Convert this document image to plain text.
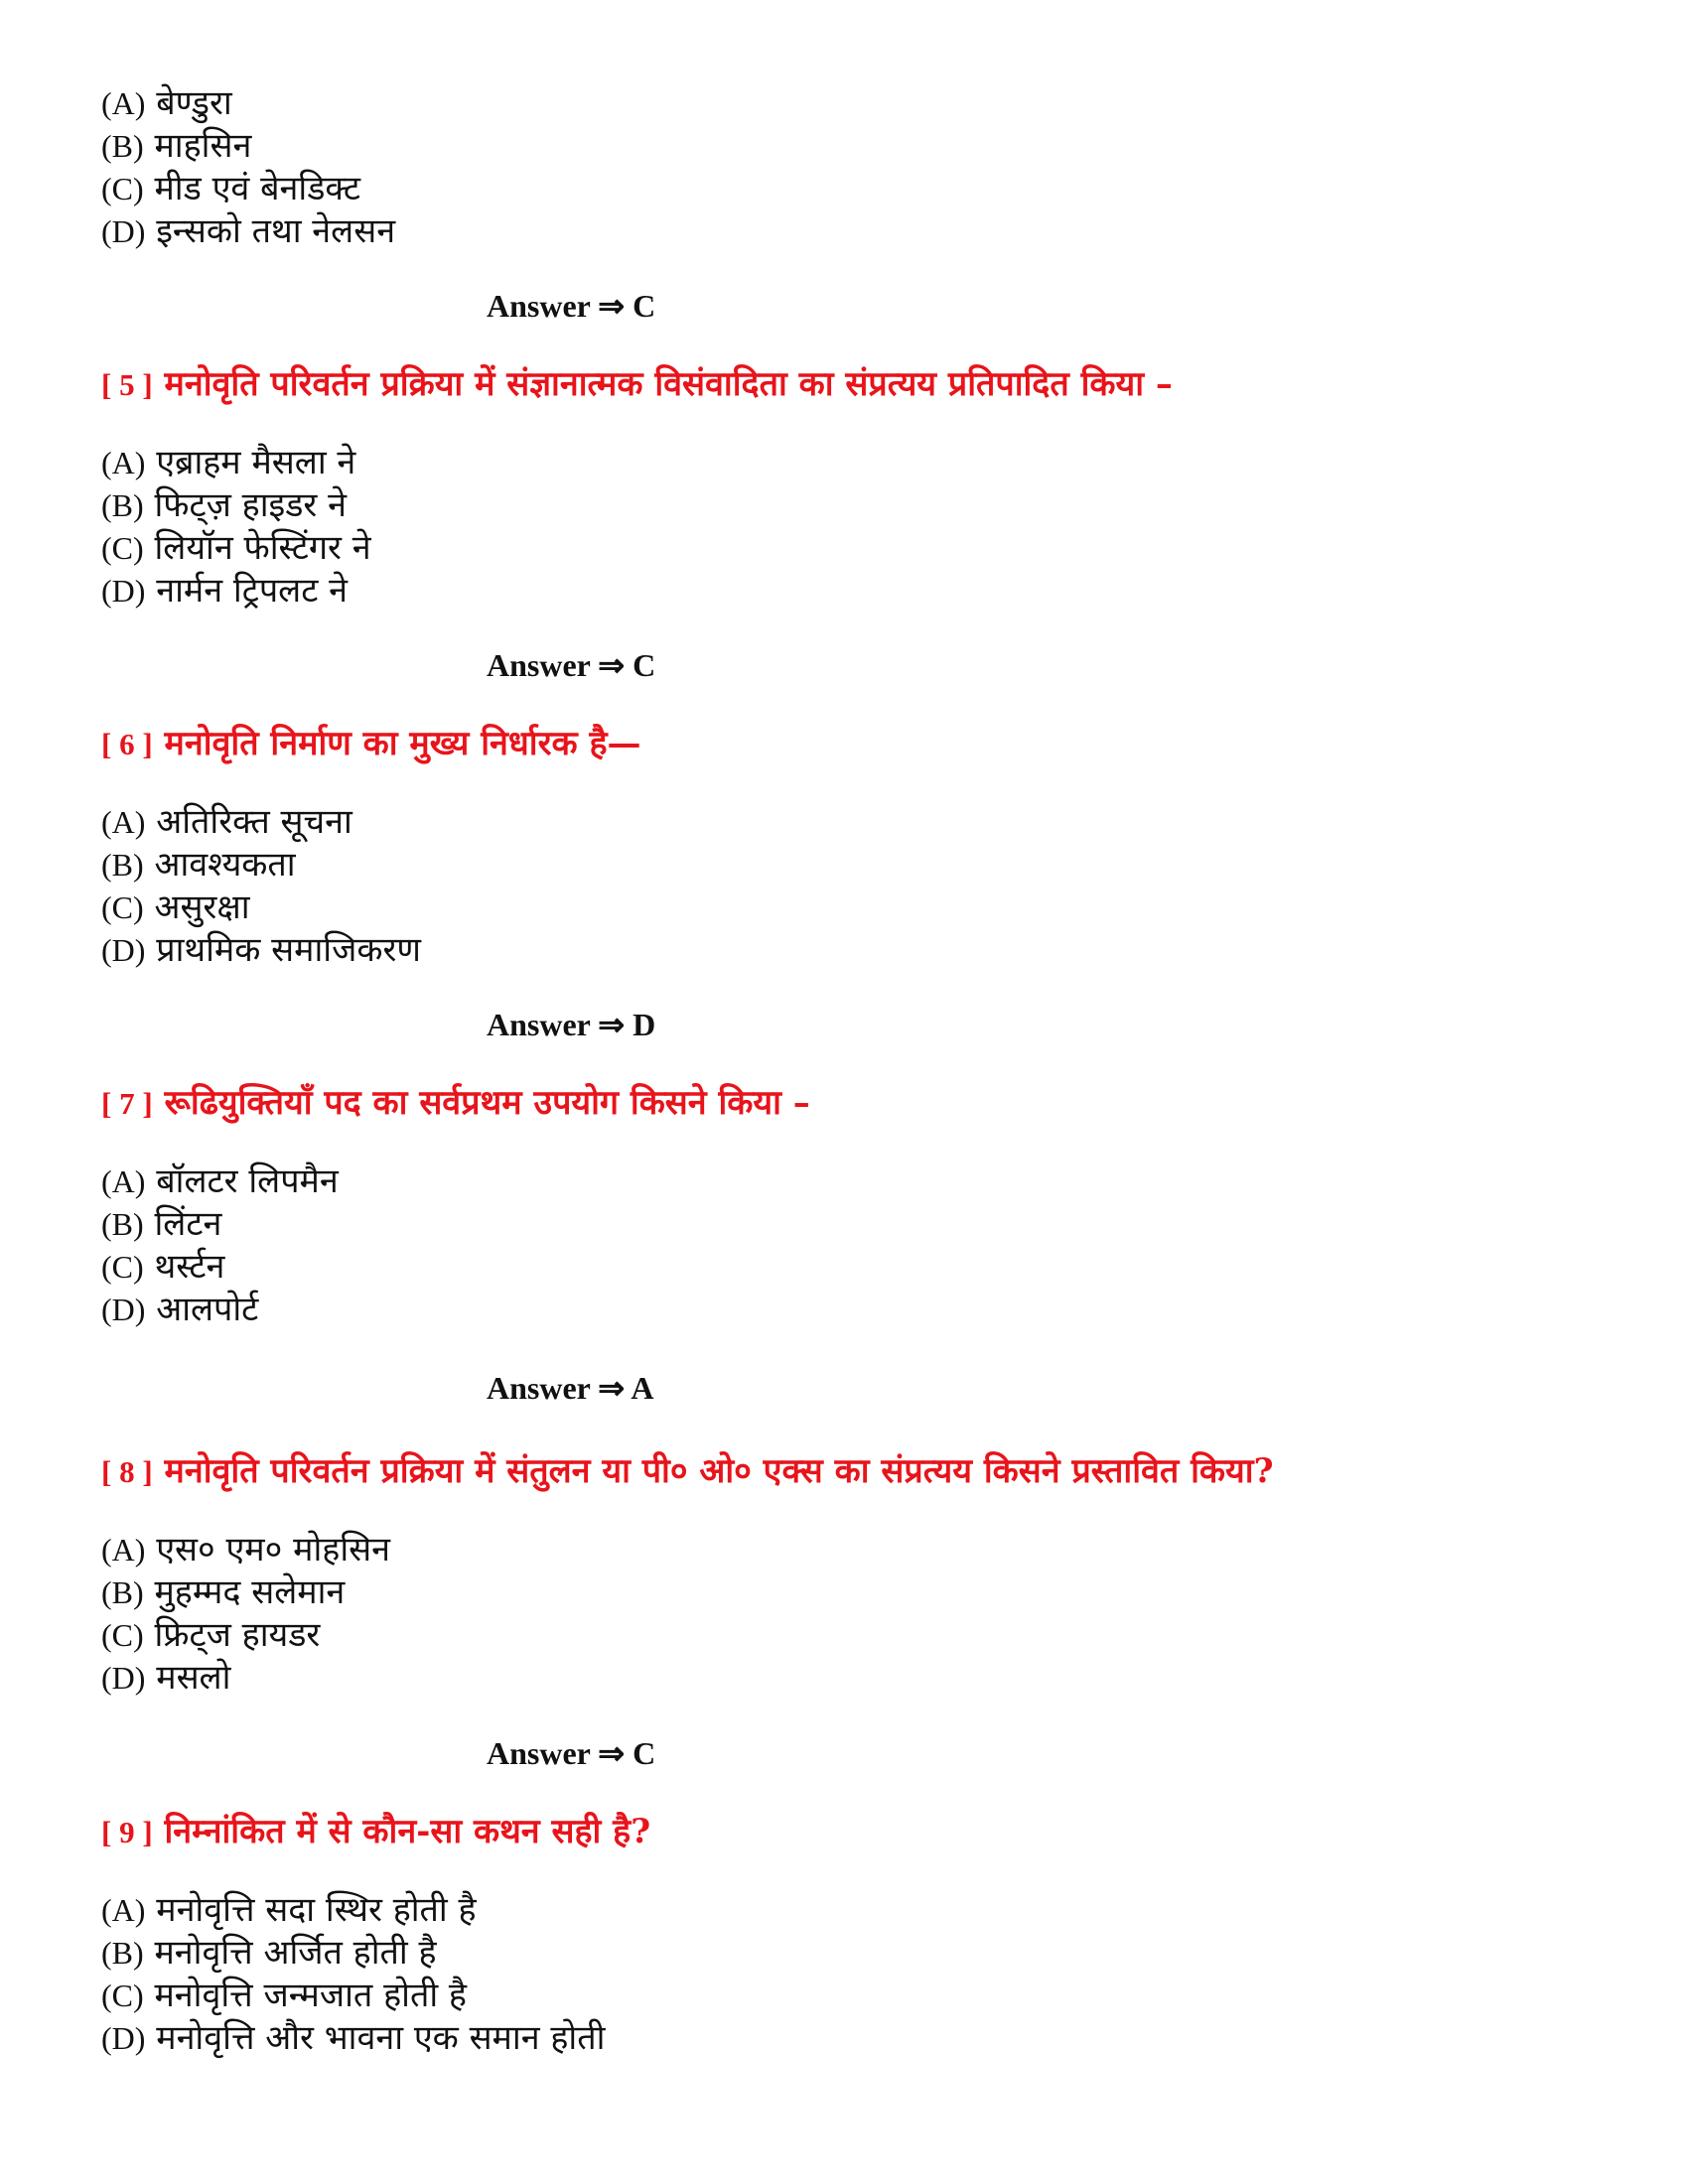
(A) बेण्डुरा
(B) माहसिन
(C) मीड एवं बेनडिक्ट
(D) इन्सको तथा नेलसन
Answer ⇒ C
[ 5 ] मनोवृति परिवर्तन प्रक्रिया में संज्ञानात्मक विसंवादिता का संप्रत्यय प्रतिपादित किया –
(A) एब्राहम मैसला ने
(B) फिट्ज़ हाइडर ने
(C) लियॉन फेस्टिंगर ने
(D) नार्मन ट्रिपलट ने
Answer ⇒ C
[ 6 ] मनोवृति निर्माण का मुख्य निर्धारक है—
(A) अतिरिक्त सूचना
(B) आवश्यकता
(C) असुरक्षा
(D) प्राथमिक समाजिकरण
Answer ⇒ D
[ 7 ] रूढियुक्तियाँ पद का सर्वप्रथम उपयोग किसने किया –
(A) बॉलटर लिपमैन
(B) लिंटन
(C) थर्स्टन
(D) आलपोर्ट
Answer ⇒ A
[ 8 ] मनोवृति परिवर्तन प्रक्रिया में संतुलन या पी० ओ० एक्स का संप्रत्यय किसने प्रस्तावित किया?
(A) एस० एम० मोहसिन
(B) मुहम्मद सलेमान
(C) फ्रिट्ज हायडर
(D) मसलो
Answer ⇒ C
[ 9 ] निम्नांकित में से कौन-सा कथन सही है?
(A) मनोवृत्ति सदा स्थिर होती है
(B) मनोवृत्ति अर्जित होती है
(C) मनोवृत्ति जन्मजात होती है
(D) मनोवृत्ति और भावना एक समान होती
